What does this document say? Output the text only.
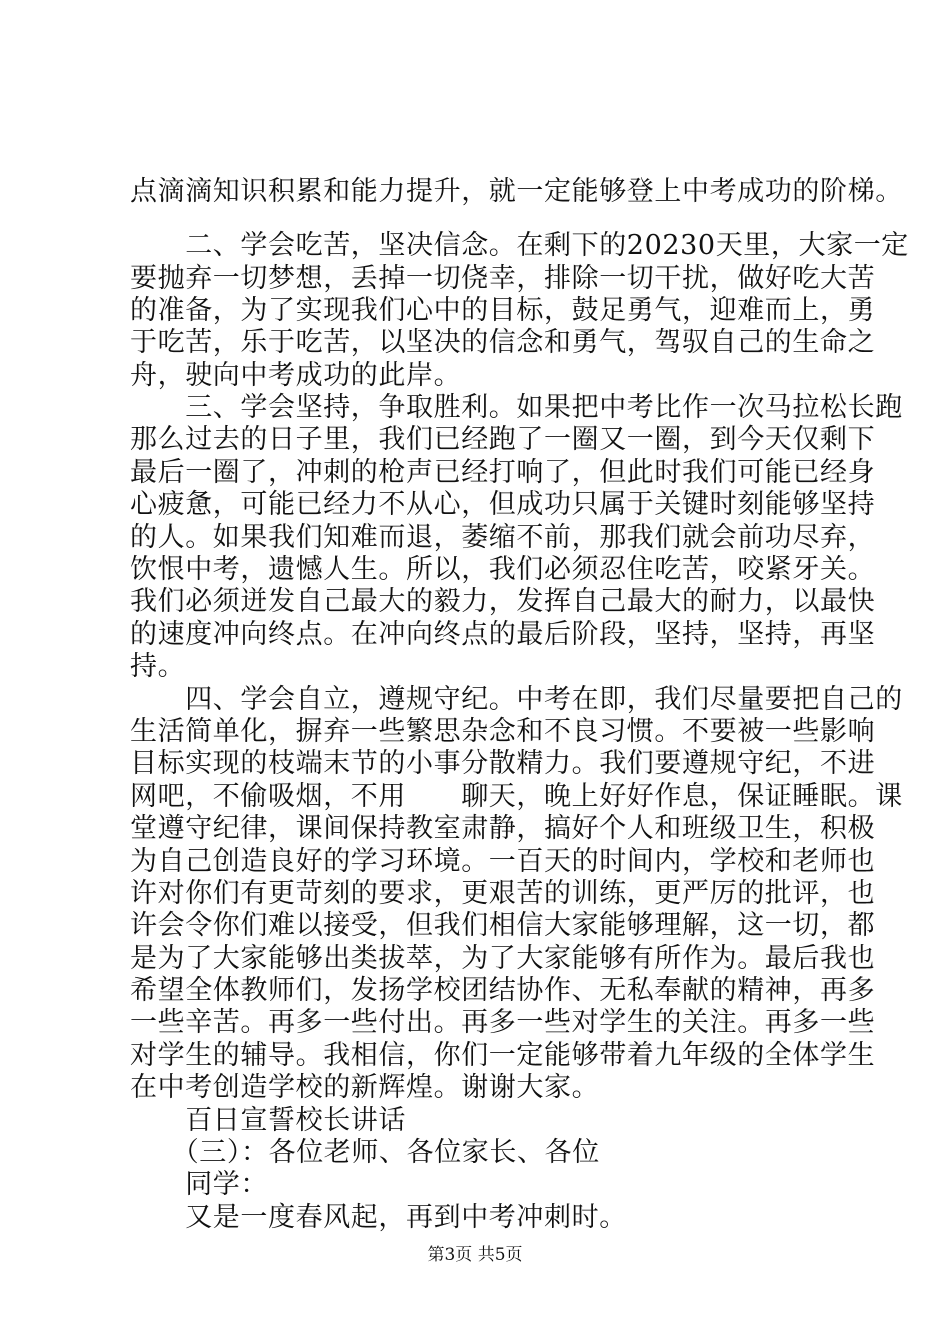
点滴滴知识积累和能力提升，就一定能够登上中考成功的阶梯。
　　二、学会吃苦，坚决信念。在剩下的20230天里，大家一定
要抛弃一切梦想，丢掉一切侥幸，排除一切干扰，做好吃大苦
的准备，为了实现我们心中的目标，鼓足勇气，迎难而上，勇
于吃苦，乐于吃苦，以坚决的信念和勇气，驾驭自己的生命之
舟，驶向中考成功的此岸。
　　三、学会坚持，争取胜利。如果把中考比作一次马拉松长跑
那么过去的日子里，我们已经跑了一圈又一圈，到今天仅剩下
最后一圈了，冲刺的枪声已经打响了，但此时我们可能已经身
心疲惫，可能已经力不从心，但成功只属于关键时刻能够坚持
的人。如果我们知难而退，萎缩不前，那我们就会前功尽弃，
饮恨中考，遗憾人生。所以，我们必须忍住吃苦，咬紧牙关。
我们必须迸发自己最大的毅力，发挥自己最大的耐力，以最快
的速度冲向终点。在冲向终点的最后阶段，坚持，坚持，再坚
持。
　　四、学会自立，遵规守纪。中考在即，我们尽量要把自己的
生活简单化，摒弃一些繁思杂念和不良习惯。不要被一些影响
目标实现的枝端末节的小事分散精力。我们要遵规守纪，不进
网吧，不偷吸烟，不用　　聊天，晚上好好作息，保证睡眠。课
堂遵守纪律，课间保持教室肃静，搞好个人和班级卫生，积极
为自己创造良好的学习环境。一百天的时间内，学校和老师也
许对你们有更苛刻的要求，更艰苦的训练，更严厉的批评，也
许会令你们难以接受，但我们相信大家能够理解，这一切，都
是为了大家能够出类拔萃，为了大家能够有所作为。最后我也
希望全体教师们，发扬学校团结协作、无私奉献的精神，再多
一些辛苦。再多一些付出。再多一些对学生的关注。再多一些
对学生的辅导。我相信，你们一定能够带着九年级的全体学生
在中考创造学校的新辉煌。谢谢大家。
　　百日宣誓校长讲话
　　（三）：各位老师、各位家长、各位
　　同学：
　　又是一度春风起，再到中考冲刺时。
第3页 共5页
